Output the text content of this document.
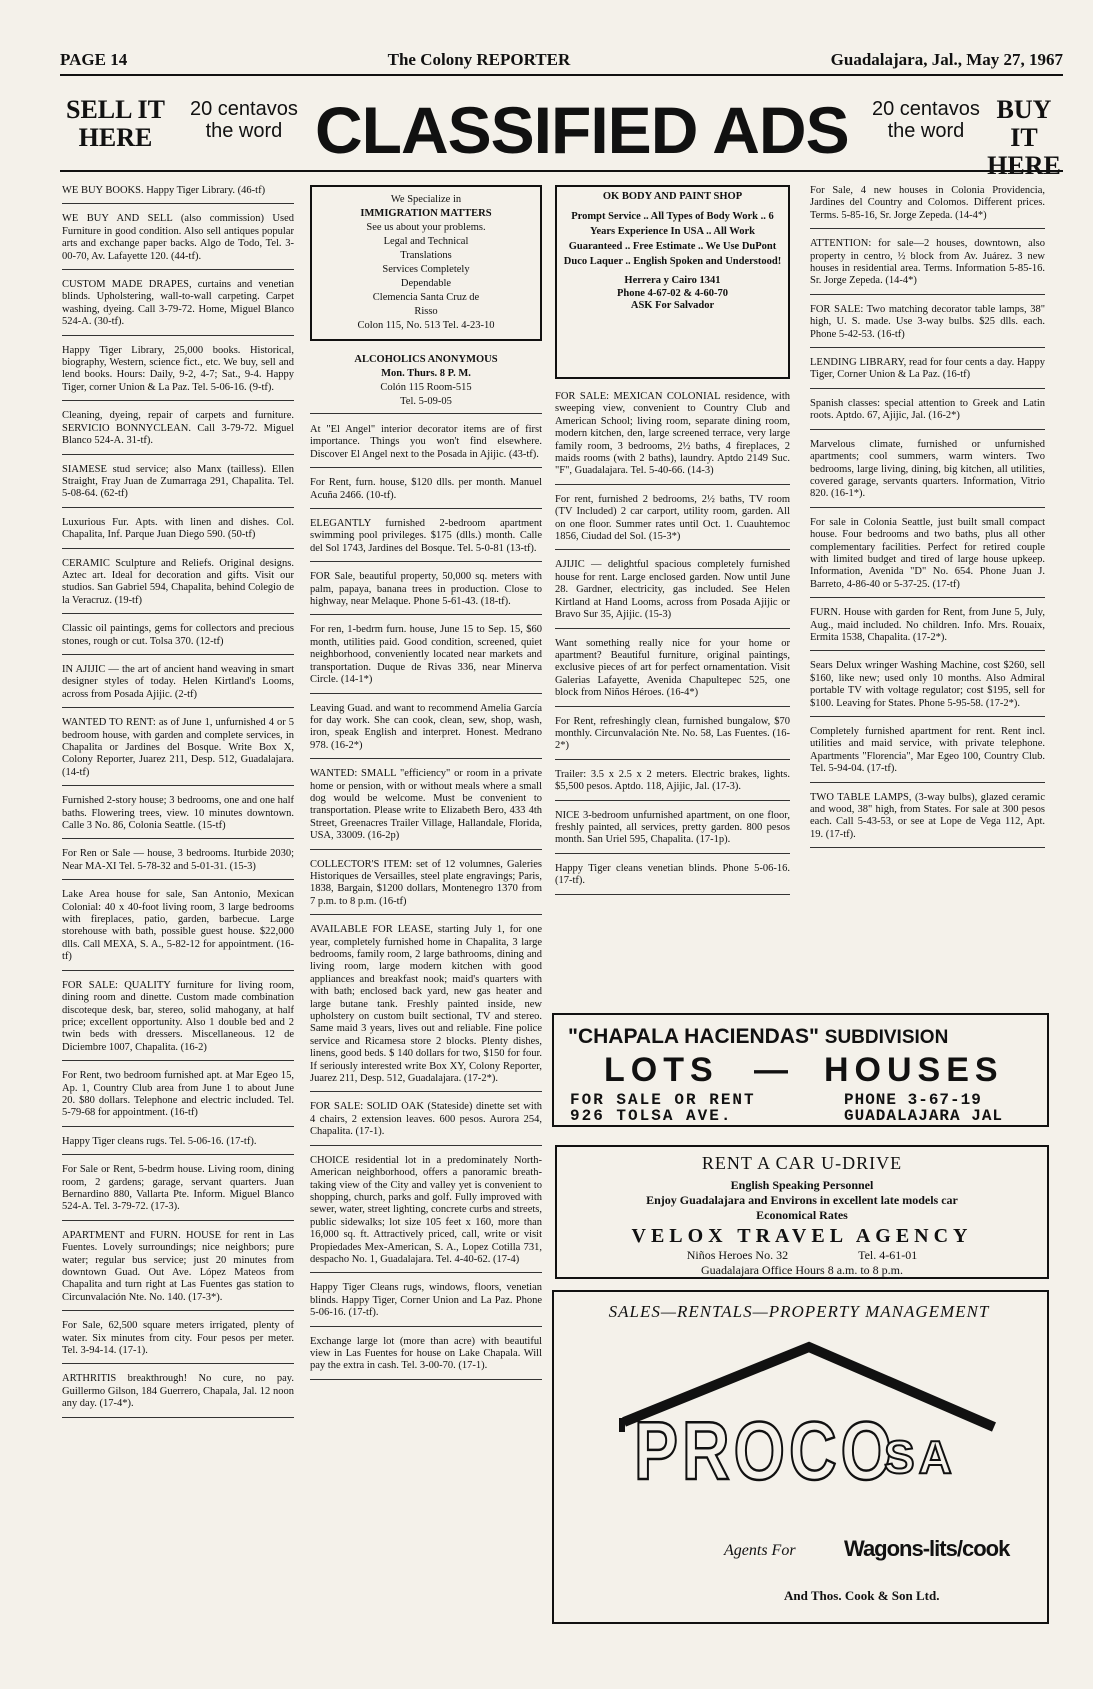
PAGE 14	The Colony REPORTER	Guadalajara, Jal., May 27, 1967
SELL IT
HERE
20 centavos
the word CLASSIFIED ADS 20 centavos
the word
BUY IT
HERE

WE BUY BOOKS. Happy Tiger Library. (46-tf)

WE BUY AND SELL (also commission) Used Furniture in good condition. Also sell antiques popular arts and exchange paper backs. Algo de Todo, Tel. 3-00-70, Av. Lafayette 120. (44-tf).

CUSTOM MADE DRAPES, curtains and venetian blinds. Upholstering, wall-to-wall carpeting. Carpet washing, dyeing. Call 3-79-72. Home, Miguel Blanco 524-A. (30-tf).

Happy Tiger Library, 25,000 books. Historical, biography, Western, science fict., etc. We buy, sell and lend books. Hours: Daily, 9-2, 4-7; Sat., 9-4. Happy Tiger, corner Union & La Paz. Tel. 5-06-16. (9-tf).

Cleaning, dyeing, repair of carpets and furniture. SERVICIO BONNYCLEAN. Call 3-79-72. Miguel Blanco 524-A. 31-tf).

SIAMESE stud service; also Manx (tailless). Ellen Straight, Fray Juan de Zumarraga 291, Chapalita. Tel. 5-08-64. (62-tf)

Luxurious Fur. Apts. with linen and dishes. Col. Chapalita, Inf. Parque Juan Diego 590. (50-tf)

CERAMIC Sculpture and Reliefs. Original designs. Aztec art. Ideal for decoration and gifts. Visit our studios. San Gabriel 594, Chapalita, behind Colegio de la Veracruz. (19-tf)

Classic oil paintings, gems for collectors and precious stones, rough or cut. Tolsa 370. (12-tf)

IN AJIJIC — the art of ancient hand weaving in smart designer styles of today. Helen Kirtland's Looms, across from Posada Ajijic. (2-tf)

WANTED TO RENT: as of June 1, unfurnished 4 or 5 bedroom house, with garden and complete services, in Chapalita or Jardines del Bosque. Write Box X, Colony Reporter, Juarez 211, Desp. 512, Guadalajara. (14-tf)

Furnished 2-story house; 3 bedrooms, one and one half baths. Flowering trees, view. 10 minutes downtown. Calle 3 No. 86, Colonia Seattle. (15-tf)

For Ren or Sale — house, 3 bedrooms. Iturbide 2030; Near MA-XI Tel. 5-78-32 and 5-01-31. (15-3)

Lake Area house for sale, San Antonio, Mexican Colonial: 40 x 40-foot living room, 3 large bedrooms with fireplaces, patio, garden, barbecue. Large storehouse with bath, possible guest house. $22,000 dlls. Call MEXA, S. A., 5-82-12 for appointment. (16-tf)

FOR SALE: QUALITY furniture for living room, dining room and dinette. Custom made combination discoteque desk, bar, stereo, solid mahogany, at half price; excellent opportunity. Also 1 double bed and 2 twin beds with dressers. Miscellaneous. 12 de Diciembre 1007, Chapalita. (16-2)

For Rent, two bedroom furnished apt. at Mar Egeo 15, Ap. 1, Country Club area from June 1 to about June 20. $80 dollars. Telephone and electric included. Tel. 5-79-68 for appointment. (16-tf)

Happy Tiger cleans rugs. Tel. 5-06-16. (17-tf).

For Sale or Rent, 5-bedrm house. Living room, dining room, 2 gardens; garage, servant quarters. Juan Bernardino 880, Vallarta Pte. Inform. Miguel Blanco 524-A. Tel. 3-79-72. (17-3).

APARTMENT and FURN. HOUSE for rent in Las Fuentes. Lovely surroundings; nice neighbors; pure water; regular bus service; just 20 minutes from downtown Guad. Out Ave. López Mateos from Chapalita and turn right at Las Fuentes gas station to Circunvalación Nte. No. 140. (17-3*).

For Sale, 62,500 square meters irrigated, plenty of water. Six minutes from city. Four pesos per meter. Tel. 3-94-14. (17-1).

ARTHRITIS breakthrough! No cure, no pay. Guillermo Gilson, 184 Guerrero, Chapala, Jal. 12 noon any day. (17-4*).

We Specialize in
IMMIGRATION MATTERS
See us about your problems.
Legal and Technical
Translations
Services Completely
Dependable
Clemencia Santa Cruz de
Risso
Colon 115, No. 513 Tel. 4-23-10
ALCOHOLICS ANONYMOUS
Mon. Thurs. 8 P. M.
Colón 115 Room-515
Tel. 5-09-05

At "El Angel" interior decorator items are of first importance. Things you won't find elsewhere. Discover El Angel next to the Posada in Ajijic. (43-tf).

For Rent, furn. house, $120 dlls. per month. Manuel Acuña 2466. (10-tf).

ELEGANTLY furnished 2-bedroom apartment swimming pool privileges. $175 (dlls.) month. Calle del Sol 1743, Jardines del Bosque. Tel. 5-0-81 (13-tf).

FOR Sale, beautiful property, 50,000 sq. meters with palm, papaya, banana trees in production. Close to highway, near Melaque. Phone 5-61-43. (18-tf).

For ren, 1-bedrm furn. house, June 15 to Sep. 15, $60 month, utilities paid. Good condition, screened, quiet neighborhood, conveniently located near markets and transportation. Duque de Rivas 336, near Minerva Circle. (14-1*)

Leaving Guad. and want to recommend Amelia García for day work. She can cook, clean, sew, shop, wash, iron, speak English and interpret. Honest. Medrano 978. (16-2*)

WANTED: SMALL "efficiency" or room in a private home or pension, with or without meals where a small dog would be welcome. Must be convenient to transportation. Please write to Elizabeth Bero, 433 4th Street, Greenacres Trailer Village, Hallandale, Florida, USA, 33009. (16-2p)

COLLECTOR'S ITEM: set of 12 volumnes, Galeries Historiques de Versailles, steel plate engravings; Paris, 1838, Bargain, $1200 dollars, Montenegro 1370 from 7 p.m. to 8 p.m. (16-tf)

AVAILABLE FOR LEASE, starting July 1, for one year, completely furnished home in Chapalita, 3 large bedrooms, family room, 2 large bathrooms, dining and living room, large modern kitchen with good appliances and breakfast nook; maid's quarters with with bath; enclosed back yard, new gas heater and large butane tank. Freshly painted inside, new upholstery on custom built sectional, TV and stereo. Same maid 3 years, lives out and reliable. Fine police service and Ricamesa store 2 blocks. Plenty dishes, linens, good beds. $ 140 dollars for two, $150 for four. If seriously interested write Box XY, Colony Reporter, Juarez 211, Desp. 512, Guadalajara. (17-2*).

FOR SALE: SOLID OAK (Stateside) dinette set with 4 chairs, 2 extension leaves. 600 pesos. Aurora 254, Chapalita. (17-1).

CHOICE residential lot in a predominately North-American neighborhood, offers a panoramic breath-taking view of the City and valley yet is convenient to shopping, church, parks and golf. Fully improved with sewer, water, street lighting, concrete curbs and streets, public sidewalks; lot size 105 feet x 160, more than 16,000 sq. ft. Attractively priced, call, write or visit Propiedades Mex-American, S. A., Lopez Cotilla 731, despacho No. 1, Guadalajara. Tel. 4-40-62. (17-4)

Happy Tiger Cleans rugs, windows, floors, venetian blinds. Happy Tiger, Corner Union and La Paz. Phone 5-06-16. (17-tf).

Exchange large lot (more than acre) with beautiful view in Las Fuentes for house on Lake Chapala. Will pay the extra in cash. Tel. 3-00-70. (17-1).

OK BODY AND PAINT SHOP
Prompt Service .. All Types of Body Work .. 6 Years Experience In USA .. All Work Guaranteed .. Free Estimate .. We Use DuPont Duco Laquer .. English Spoken and Understood!
Herrera y Cairo 1341
Phone 4-67-02 & 4-60-70
ASK For Salvador

FOR SALE: MEXICAN COLONIAL residence, with sweeping view, convenient to Country Club and American School; living room, separate dining room, modern kitchen, den, large screened terrace, very large family room, 3 bedrooms, 2½ baths, 4 fireplaces, 2 maids rooms (with 2 baths), laundry. Aptdo 2149 Suc. "F", Guadalajara. Tel. 5-40-66. (14-3)

For rent, furnished 2 bedrooms, 2½ baths, TV room (TV Included) 2 car carport, utility room, garden. All on one floor. Summer rates until Oct. 1. Cuauhtemoc 1856, Ciudad del Sol. (15-3*)

AJIJIC — delightful spacious completely furnished house for rent. Large enclosed garden. Now until June 28. Gardner, electricity, gas included. See Helen Kirtland at Hand Looms, across from Posada Ajijic or Bravo Sur 35, Ajijic. (15-3)

Want something really nice for your home or apartment? Beautiful furniture, original paintings, exclusive pieces of art for perfect ornamentation. Visit Galerias Lafayette, Avenida Chapultepec 525, one block from Niños Héroes. (16-4*)

For Rent, refreshingly clean, furnished bungalow, $70 monthly. Circunvalación Nte. No. 58, Las Fuentes. (16-2*)

Trailer: 3.5 x 2.5 x 2 meters. Electric brakes, lights. $5,500 pesos. Aptdo. 118, Ajijic, Jal. (17-3).

NICE 3-bedroom unfurnished apartment, on one floor, freshly painted, all services, pretty garden. 800 pesos month. San Uriel 595, Chapalita. (17-1p).

Happy Tiger cleans venetian blinds. Phone 5-06-16. (17-tf).

For Sale, 4 new houses in Colonia Providencia, Jardines del Country and Colomos. Different prices. Terms. 5-85-16, Sr. Jorge Zepeda. (14-4*)

ATTENTION: for sale—2 houses, downtown, also property in centro, ½ block from Av. Juárez. 3 new houses in residential area. Terms. Information 5-85-16. Sr. Jorge Zepeda. (14-4*)

FOR SALE: Two matching decorator table lamps, 38" high, U. S. made. Use 3-way bulbs. $25 dlls. each. Phone 5-42-53. (16-tf)

LENDING LIBRARY, read for four cents a day. Happy Tiger, Corner Union & La Paz. (16-tf)

Spanish classes: special attention to Greek and Latin roots. Aptdo. 67, Ajijic, Jal. (16-2*)

Marvelous climate, furnished or unfurnished apartments; cool summers, warm winters. Two bedrooms, large living, dining, big kitchen, all utilities, covered garage, servants quarters. Information, Vitrio 820. (16-1*).

For sale in Colonia Seattle, just built small compact house. Four bedrooms and two baths, plus all other complementary facilities. Perfect for retired couple with limited budget and tired of large house upkeep. Information, Avenida "D" No. 654. Phone Juan J. Barreto, 4-86-40 or 5-37-25. (17-tf)

FURN. House with garden for Rent, from June 5, July, Aug., maid included. No children. Info. Mrs. Rouaix, Ermita 1538, Chapalita. (17-2*).

Sears Delux wringer Washing Machine, cost $260, sell $160, like new; used only 10 months. Also Admiral portable TV with voltage regulator; cost $195, sell for $100. Leaving for States. Phone 5-95-58. (17-2*).

Completely furnished apartment for rent. Rent incl. utilities and maid service, with private telephone. Apartments "Florencia", Mar Egeo 100, Country Club. Tel. 5-94-04. (17-tf).

TWO TABLE LAMPS, (3-way bulbs), glazed ceramic and wood, 38" high, from States. For sale at 300 pesos each. Call 5-43-53, or see at Lope de Vega 112, Apt. 19. (17-tf).

"CHAPALA HACIENDAS" SUBDIVISION
LOTS — HOUSES
FOR SALE OR RENT	PHONE 3-67-19
926 TOLSA AVE.	GUADALAJARA JAL
RENT A CAR U-DRIVE
English Speaking Personnel
Enjoy Guadalajara and Environs in excellent late models car
Economical Rates
VELOX TRAVEL AGENCY
Niños Heroes No. 32	Tel. 4-61-01
Guadalajara Office Hours 8 a.m. to 8 p.m.
SALES—RENTALS—PROPERTY MANAGEMENT
PROCO
SA
Agents For Wagons-lits/cook
And Thos. Cook & Son Ltd.
